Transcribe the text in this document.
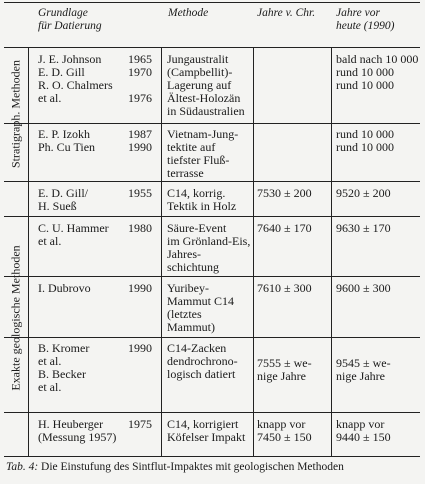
Grundlage
für Datierung
Methode	Jahre v. Chr. Jahre vor
heute (1990)
Stratigraph. Methoden
Exakte geologische Methoden
J. E. Johnson
E. D. Gill
R. O. Chalmers
et al.
1965
1970

1976
Jungaustralit
(Campbellit)-
Lagerung auf
Ältest-Holozän
in Südaustralien
bald nach 10 000
rund 10 000
rund 10 000
E. P. Izokh
Ph. Cu Tien
1987
1990
Vietnam-Jung-
tektite auf
tiefster Fluß-
terrasse
rund 10 000
rund 10 000
E. D. Gill/
H. Sueß
1955 C14, korrig.
Tektik in Holz
7530 ± 200 9520 ± 200
C. U. Hammer
et al.
1980 Säure-Event
im Grönland-Eis,
Jahres-
schichtung
7640 ± 170 9630 ± 170
I. Dubrovo	1990 Yuribey-
Mammut C14
(letztes
Mammut)
7610 ± 300 9600 ± 300
B. Kromer
et al.
B. Becker
et al.
1990 C14-Zacken
dendrochrono-
logisch datiert
7555 ± we-
nige Jahre
9545 ± we-
nige Jahre
H. Heuberger
(Messung 1957)
1975 C14, korrigiert
Köfelser Impakt
knapp vor
7450 ± 150
knapp vor
9440 ± 150
Tab. 4: Die Einstufung des Sintflut-Impaktes mit geologischen Methoden
